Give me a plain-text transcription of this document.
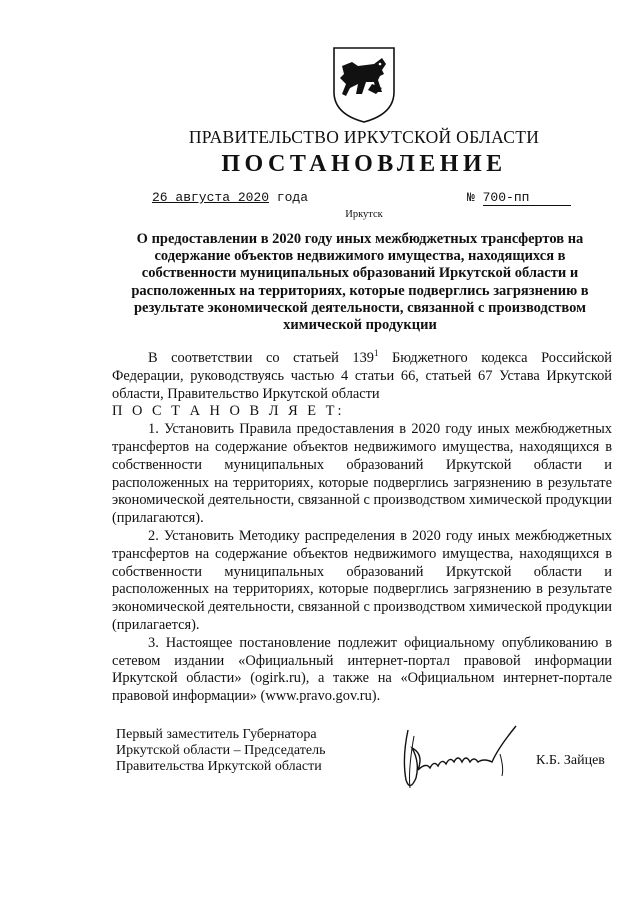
ПРАВИТЕЛЬСТВО ИРКУТСКОЙ ОБЛАСТИ
ПОСТАНОВЛЕНИЕ
26 августа 2020 года	№ 700-пп
Иркутск
О предоставлении в 2020 году иных межбюджетных трансфертов на
содержание объектов недвижимого имущества, находящихся в
собственности муниципальных образований Иркутской области и
расположенных на территориях, которые подверглись загрязнению в
результате экономической деятельности, связанной с производством
химической продукции

В соответствии со статьей $139^1$ Бюджетного кодекса Российской Федерации, руководствуясь частью 4 статьи 66, статьей 67 Устава Иркутской области, Правительство Иркутской области

П О С Т А Н О В Л Я Е Т:

1. Установить Правила предоставления в 2020 году иных межбюджетных трансфертов на содержание объектов недвижимого имущества, находящихся в собственности муниципальных образований Иркутской области и расположенных на территориях, которые подверглись загрязнению в результате экономической деятельности, связанной с производством химической продукции (прилагаются).

2. Установить Методику распределения в 2020 году иных межбюджетных трансфертов на содержание объектов недвижимого имущества, находящихся в собственности муниципальных образований Иркутской области и расположенных на территориях, которые подверглись загрязнению в результате экономической деятельности, связанной с производством химической продукции (прилагается).

3. Настоящее постановление подлежит официальному опубликованию в сетевом издании «Официальный интернет-портал правовой информации Иркутской области» (ogirk.ru), а также на «Официальном интернет-портале правовой информации» (www.pravo.gov.ru).

Первый заместитель Губернатора
Иркутской области – Председатель
Правительства Иркутской области	К.Б. Зайцев
